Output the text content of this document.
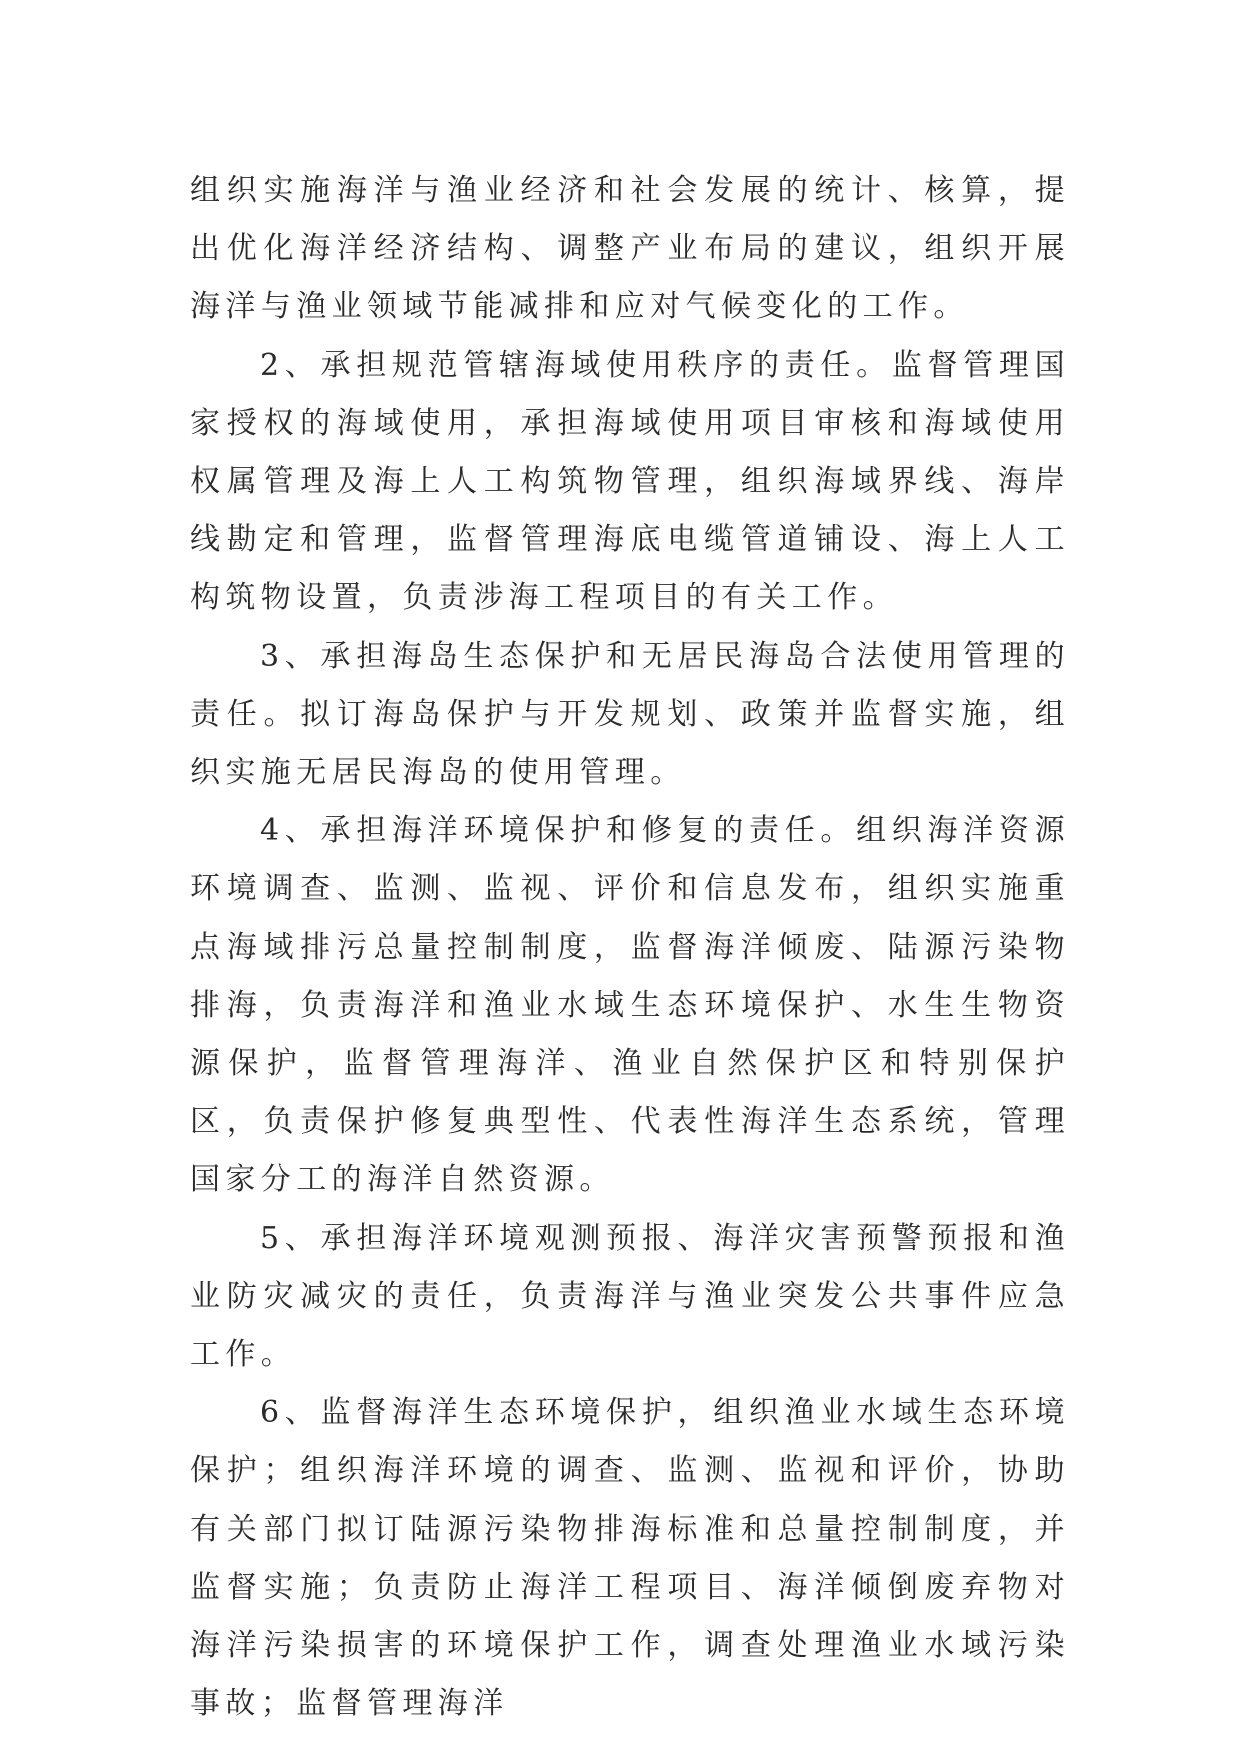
组织实施海洋与渔业经济和社会发展的统计、核算，提出优化海洋经济结构、调整产业布局的建议，组织开展海洋与渔业领域节能减排和应对气候变化的工作。

2、承担规范管辖海域使用秩序的责任。监督管理国家授权的海域使用，承担海域使用项目审核和海域使用权属管理及海上人工构筑物管理，组织海域界线、海岸线勘定和管理，监督管理海底电缆管道铺设、海上人工构筑物设置，负责涉海工程项目的有关工作。

3、承担海岛生态保护和无居民海岛合法使用管理的责任。拟订海岛保护与开发规划、政策并监督实施，组织实施无居民海岛的使用管理。

4、承担海洋环境保护和修复的责任。组织海洋资源环境调查、监测、监视、评价和信息发布，组织实施重点海域排污总量控制制度，监督海洋倾废、陆源污染物排海，负责海洋和渔业水域生态环境保护、水生生物资源保护，监督管理海洋、渔业自然保护区和特别保护区，负责保护修复典型性、代表性海洋生态系统，管理国家分工的海洋自然资源。

5、承担海洋环境观测预报、海洋灾害预警预报和渔业防灾减灾的责任，负责海洋与渔业突发公共事件应急工作。

6、监督海洋生态环境保护，组织渔业水域生态环境保护；组织海洋环境的调查、监测、监视和评价，协助有关部门拟订陆源污染物排海标准和总量控制制度，并监督实施；负责防止海洋工程项目、海洋倾倒废弃物对海洋污染损害的环境保护工作，调查处理渔业水域污染事故；监督管理海洋
